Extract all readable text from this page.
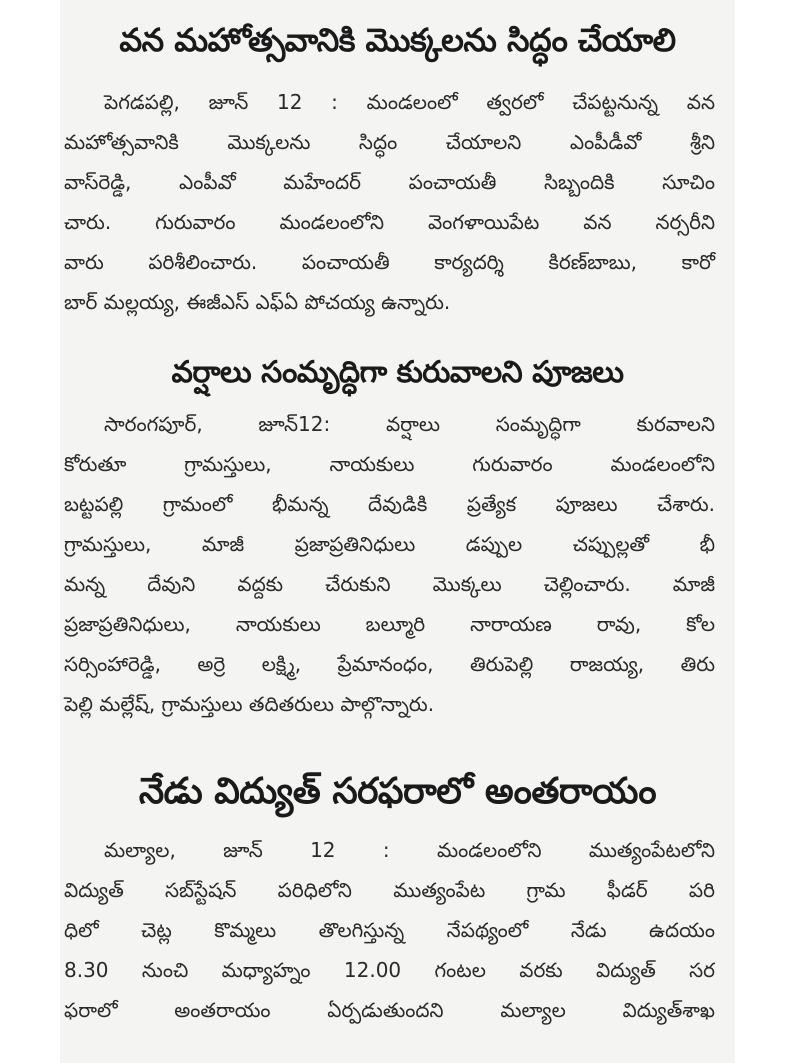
వన మహోత్సవానికి మొక్కలను సిద్ధం చేయాలి
పెగడపల్లి, జూన్ 12 : మండలంలో త్వరలో చేపట్టనున్న వన
మహోత్సవానికి మొక్కలను సిద్ధం చేయాలని ఎంపీడీవో శ్రీని
వాస్‌రెడ్డి, ఎంపీవో మహేందర్ పంచాయతీ సిబ్బందికి సూచిం
చారు. గురువారం మండలంలోని వెంగళాయిపేట వన నర్సరీని
వారు పరిశీలించారు. పంచాయతీ కార్యదర్శి కిరణ్‌బాబు, కారో
బార్ మల్లయ్య, ఈజీఎస్ ఎఫ్ఏ పోచయ్య ఉన్నారు.
వర్షాలు సంమృద్ధిగా కురువాలని పూజలు
సారంగపూర్, జూన్12: వర్షాలు సంమృద్ధిగా కురవాలని
కోరుతూ గ్రామస్తులు, నాయకులు గురువారం మండలంలోని
బట్టపల్లి గ్రామంలో భీమన్న దేవుడికి ప్రత్యేక పూజలు చేశారు.
గ్రామస్తులు, మాజీ ప్రజాప్రతినిధులు డప్పుల చప్పుల్లతో భీ
మన్న దేవుని వద్దకు చేరుకుని మొక్కలు చెల్లించారు. మాజీ
ప్రజాప్రతినిధులు, నాయకులు బల్మూరి నారాయణ రావు, కోల
సర్సింహారెడ్డి, అర్రె లక్ష్మి, ప్రేమానంధం, తిరుపెల్లి రాజయ్య, తిరు
పెల్లి మల్లేష్, గ్రామస్తులు తదితరులు పాల్గొన్నారు.
నేడు విద్యుత్ సరఫరాలో అంతరాయం
మల్యాల, జూన్ 12 : మండలంలోని ముత్యంపేటలోని
విద్యుత్ సబ్‌స్టేషన్ పరిధిలోని ముత్యంపేట గ్రామ ఫీడర్ పరి
ధిలో చెట్ల కొమ్మలు తొలగిస్తున్న నేపథ్యంలో నేడు ఉదయం
8.30 నుంచి మధ్యాహ్నం 12.00 గంటల వరకు విద్యుత్ సర
ఫరాలో అంతరాయం ఏర్పడుతుందని మల్యాల విద్యుత్‌శాఖ
